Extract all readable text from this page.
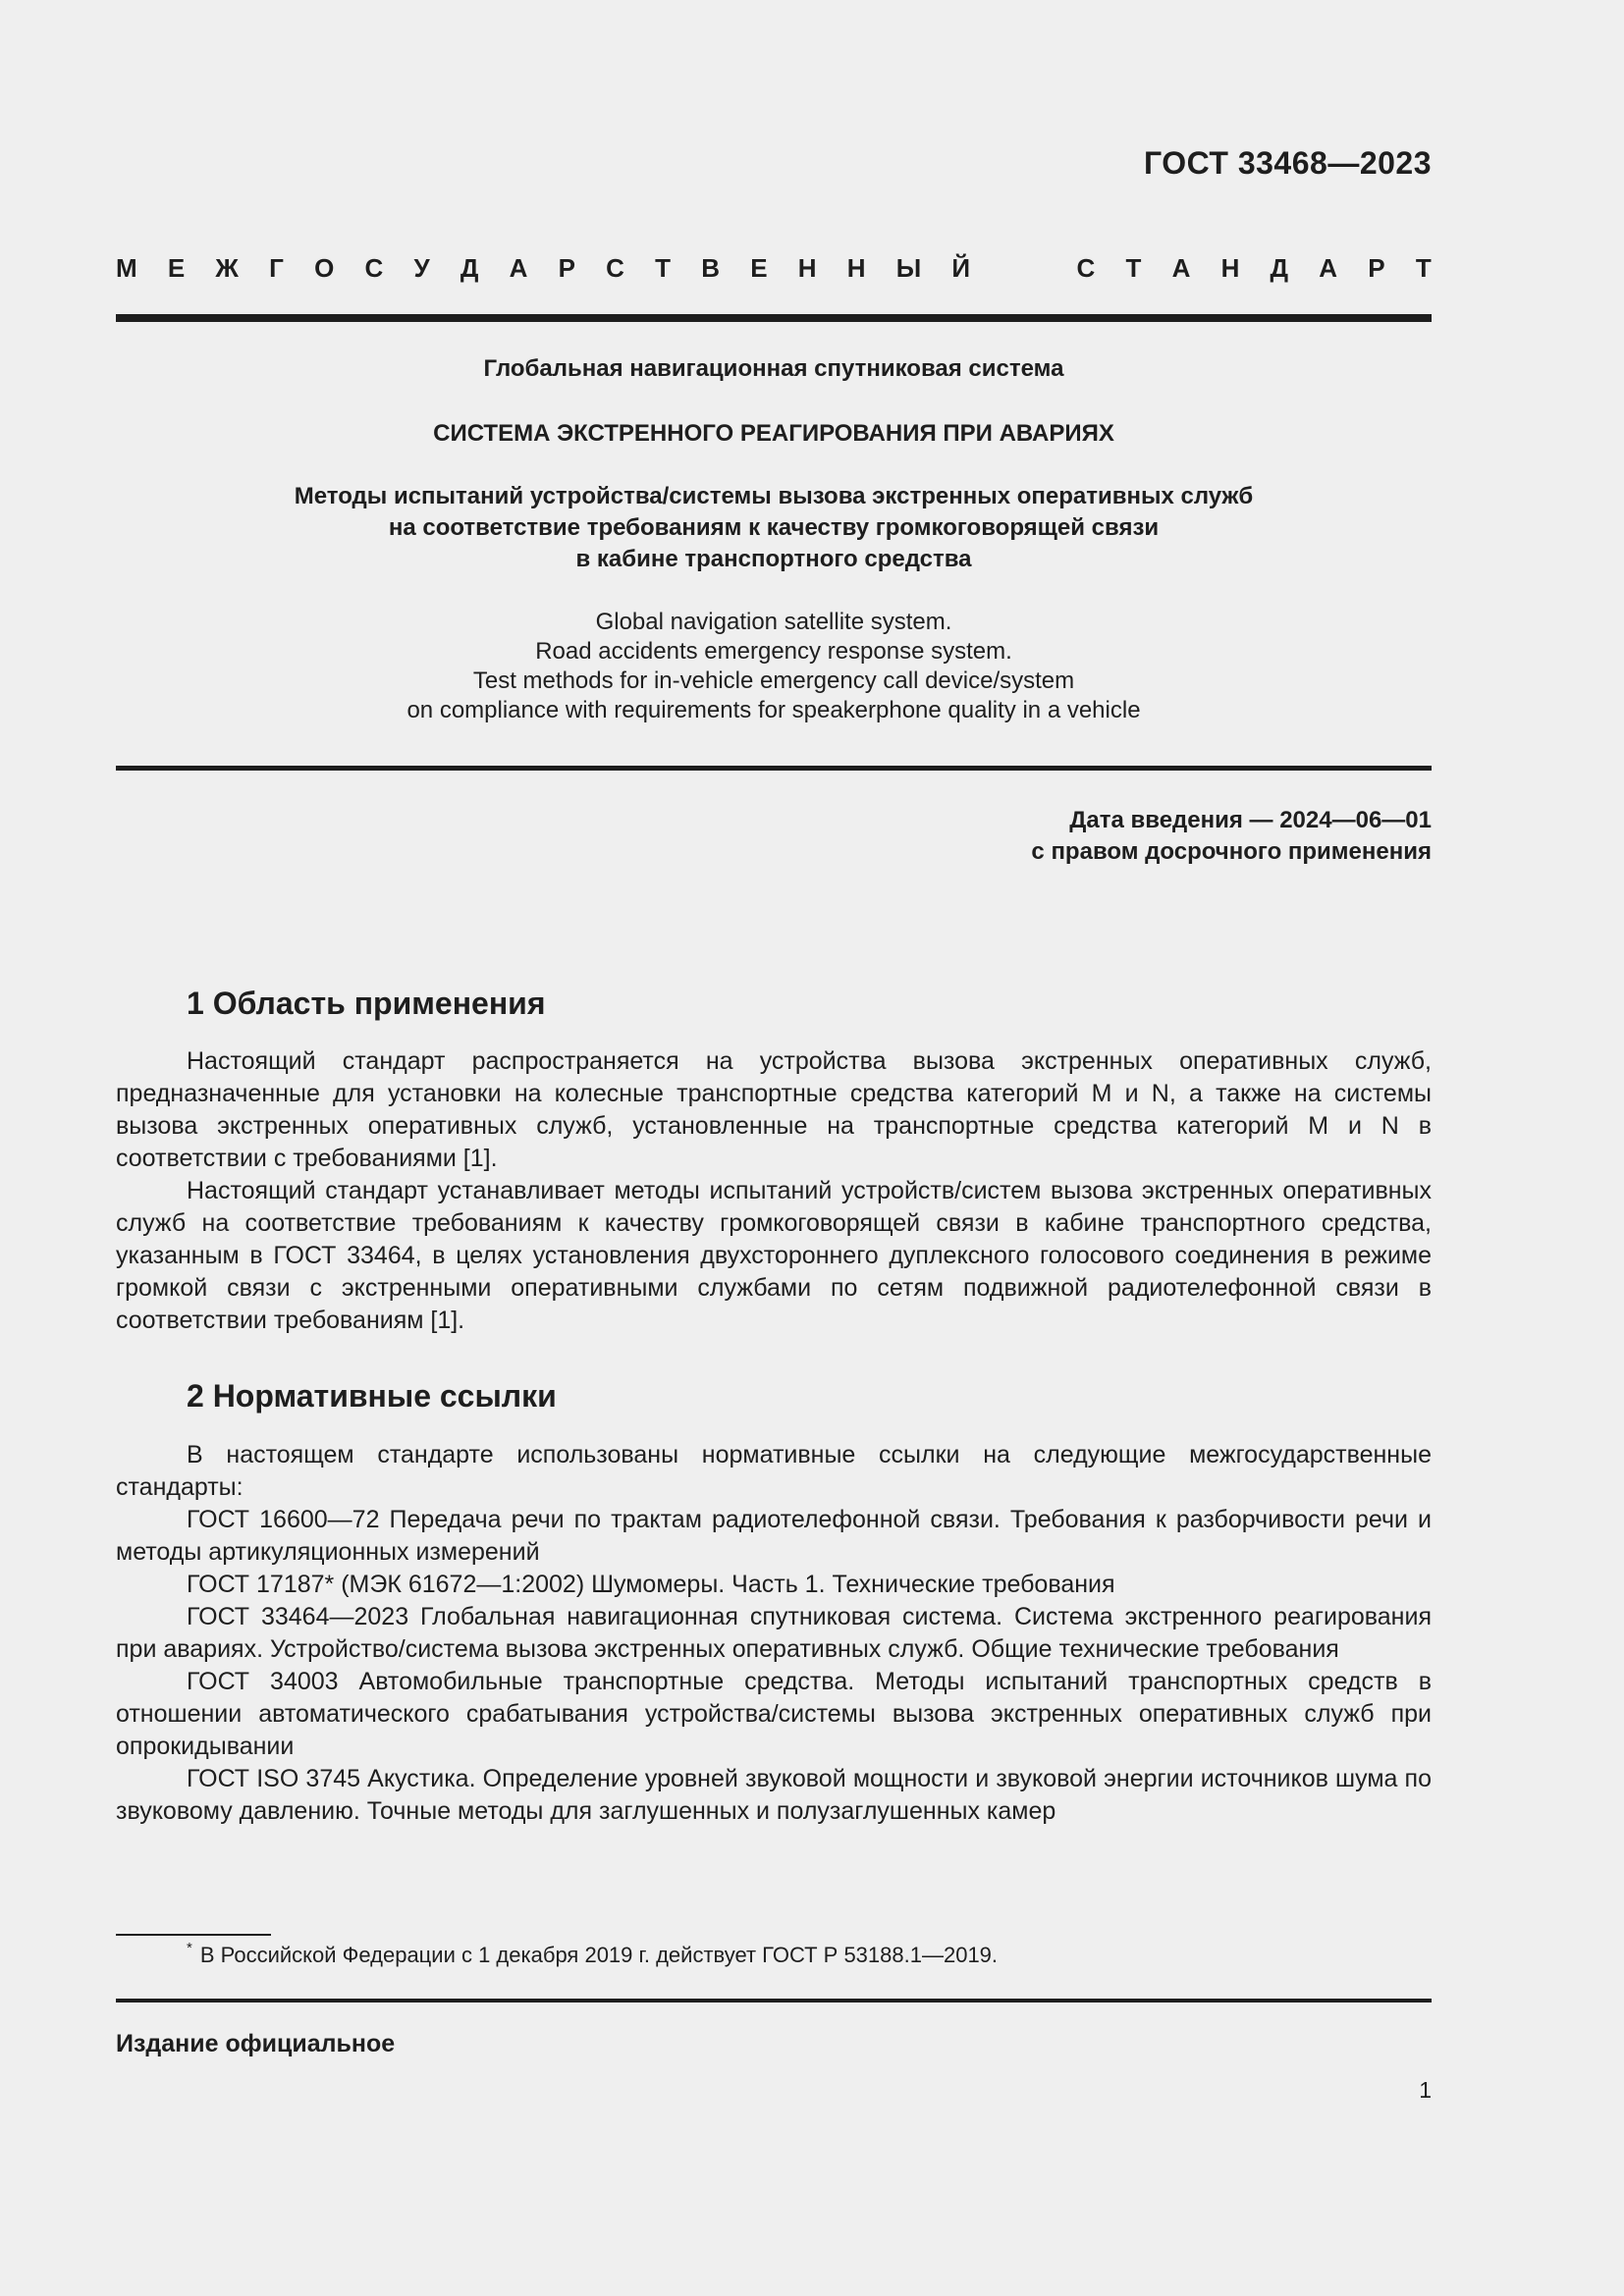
ГОСТ 33468—2023
М Е Ж Г О С У Д А Р С Т В Е Н Н Ы Й	С Т А Н Д А Р Т
Глобальная навигационная спутниковая система
СИСТЕМА ЭКСТРЕННОГО РЕАГИРОВАНИЯ ПРИ АВАРИЯХ
Методы испытаний устройства/системы вызова экстренных оперативных служб
на соответствие требованиям к качеству громкоговорящей связи
в кабине транспортного средства
Global navigation satellite system.
Road accidents emergency response system.
Test methods for in-vehicle emergency call device/system
on compliance with requirements for speakerphone quality in a vehicle
Дата введения — 2024—06—01
с правом досрочного применения
1 Область применения

Настоящий стандарт распространяется на устройства вызова экстренных оперативных служб, предназначенные для установки на колесные транспортные средства категорий M и N, а также на системы вызова экстренных оперативных служб, установленные на транспортные средства категорий M и N в соответствии с требованиями [1].

Настоящий стандарт устанавливает методы испытаний устройств/систем вызова экстренных оперативных служб на соответствие требованиям к качеству громкоговорящей связи в кабине транспортного средства, указанным в ГОСТ 33464, в целях установления двухстороннего дуплексного голосового соединения в режиме громкой связи с экстренными оперативными службами по сетям подвижной радиотелефонной связи в соответствии требованиям [1].

2 Нормативные ссылки

В настоящем стандарте использованы нормативные ссылки на следующие межгосударственные стандарты:

ГОСТ 16600—72 Передача речи по трактам радиотелефонной связи. Требования к разборчивости речи и методы артикуляционных измерений

ГОСТ 17187* (МЭК 61672—1:2002) Шумомеры. Часть 1. Технические требования

ГОСТ 33464—2023 Глобальная навигационная спутниковая система. Система экстренного реагирования при авариях. Устройство/система вызова экстренных оперативных служб. Общие технические требования

ГОСТ 34003 Автомобильные транспортные средства. Методы испытаний транспортных средств в отношении автоматического срабатывания устройства/системы вызова экстренных оперативных служб при опрокидывании

ГОСТ ISO 3745 Акустика. Определение уровней звуковой мощности и звуковой энергии источников шума по звуковому давлению. Точные методы для заглушенных и полузаглушенных камер

* В Российской Федерации с 1 декабря 2019 г. действует ГОСТ Р 53188.1—2019.
Издание официальное
1
